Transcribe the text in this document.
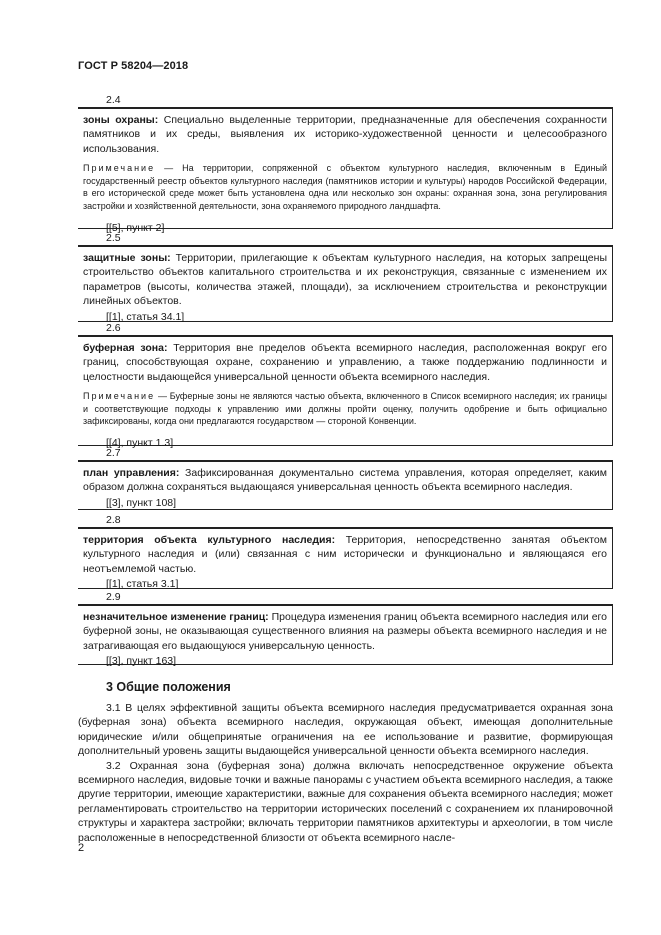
ГОСТ Р 58204—2018
2.4

зоны охраны: Специально выделенные территории, предназначенные для обеспечения сохранности памятников и их среды, выявления их историко-художественной ценности и целесообразного использования.

Примечание — На территории, сопряженной с объектом культурного наследия, включенным в Единый государственный реестр объектов культурного наследия (памятников истории и культуры) народов Российской Федерации, в его исторической среде может быть установлена одна или несколько зон охраны: охранная зона, зона регулирования застройки и хозяйственной деятельности, зона охраняемого природного ландшафта.

[[5], пункт 2]

2.5

защитные зоны: Территории, прилегающие к объектам культурного наследия, на которых запрещены строительство объектов капитального строительства и их реконструкция, связанные с изменением их параметров (высоты, количества этажей, площади), за исключением строительства и реконструкции линейных объектов.

[[1], статья 34.1]

2.6

буферная зона: Территория вне пределов объекта всемирного наследия, расположенная вокруг его границ, способствующая охране, сохранению и управлению, а также поддержанию подлинности и целостности выдающейся универсальной ценности объекта всемирного наследия.

Примечание — Буферные зоны не являются частью объекта, включенного в Список всемирного наследия; их границы и соответствующие подходы к управлению ими должны пройти оценку, получить одобрение и быть официально зафиксированы, когда они предлагаются государством — стороной Конвенции.

[[4], пункт 1.3]

2.7

план управления: Зафиксированная документально система управления, которая определяет, каким образом должна сохраняться выдающаяся универсальная ценность объекта всемирного наследия.

[[3], пункт 108]

2.8

территория объекта культурного наследия: Территория, непосредственно занятая объектом культурного наследия и (или) связанная с ним исторически и функционально и являющаяся его неотъемлемой частью.

[[1], статья 3.1]

2.9

незначительное изменение границ: Процедура изменения границ объекта всемирного наследия или его буферной зоны, не оказывающая существенного влияния на размеры объекта всемирного наследия и не затрагивающая его выдающуюся универсальную ценность.

[[3], пункт 163]

3 Общие положения

3.1 В целях эффективной защиты объекта всемирного наследия предусматривается охранная зона (буферная зона) объекта всемирного наследия, окружающая объект, имеющая дополнительные юридические и/или общепринятые ограничения на ее использование и развитие, формирующая дополнительный уровень защиты выдающейся универсальной ценности объекта всемирного наследия.

3.2 Охранная зона (буферная зона) должна включать непосредственное окружение объекта всемирного наследия, видовые точки и важные панорамы с участием объекта всемирного наследия, а также другие территории, имеющие характеристики, важные для сохранения объекта всемирного наследия; может регламентировать строительство на территории исторических поселений с сохранением их планировочной структуры и характера застройки; включать территории памятников архитектуры и археологии, в том числе расположенные в непосредственной близости от объекта всемирного насле-

2
